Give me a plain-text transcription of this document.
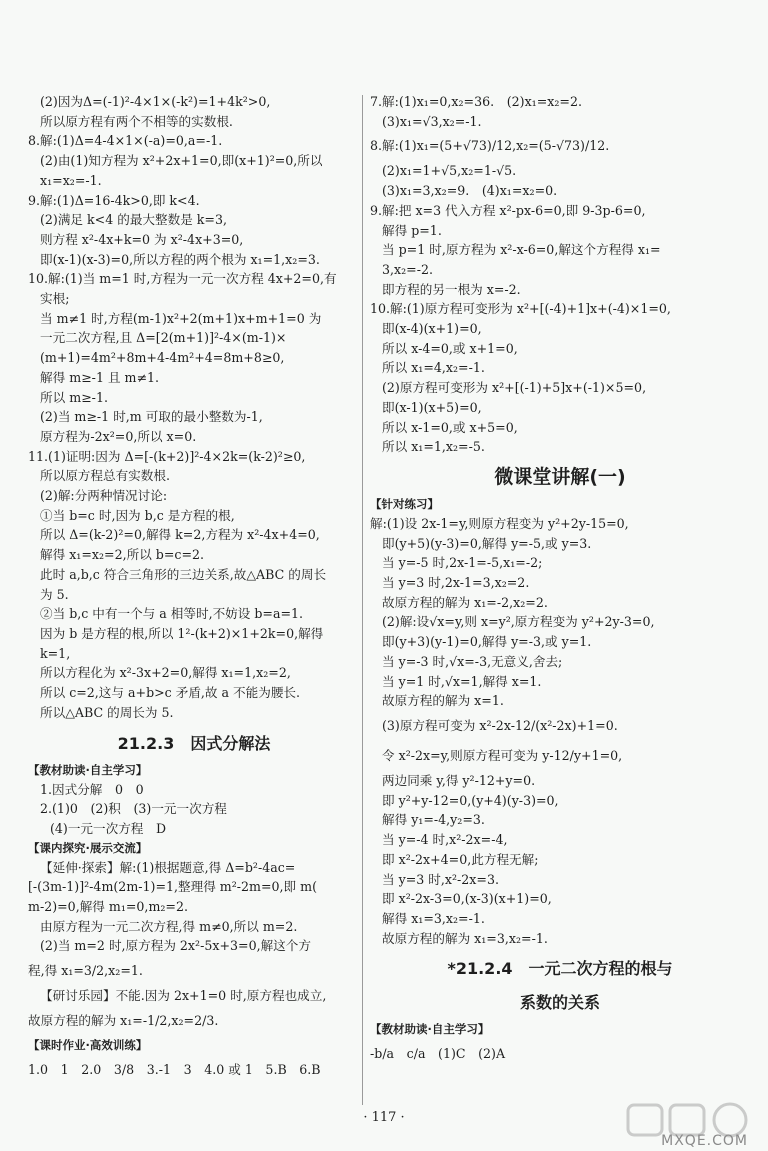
(2)因为Δ=(-1)²-4×1×(-k²)=1+4k²>0,
所以原方程有两个不相等的实数根.
8.解:(1)Δ=4-4×1×(-a)=0,a=-1.
(2)由(1)知方程为 x²+2x+1=0,即(x+1)²=0,所以
x₁=x₂=-1.
9.解:(1)Δ=16-4k>0,即 k<4.
(2)满足 k<4 的最大整数是 k=3,
则方程 x²-4x+k=0 为 x²-4x+3=0,
即(x-1)(x-3)=0,所以方程的两个根为 x₁=1,x₂=3.
10.解:(1)当 m=1 时,方程为一元一次方程 4x+2=0,有
实根;
当 m≠1 时,方程(m-1)x²+2(m+1)x+m+1=0 为
一元二次方程,且 Δ=[2(m+1)]²-4×(m-1)×
(m+1)=4m²+8m+4-4m²+4=8m+8≥0,
解得 m≥-1 且 m≠1.
所以 m≥-1.
(2)当 m≥-1 时,m 可取的最小整数为-1,
原方程为-2x²=0,所以 x=0.
11.(1)证明:因为 Δ=[-(k+2)]²-4×2k=(k-2)²≥0,
所以原方程总有实数根.
(2)解:分两种情况讨论:
①当 b=c 时,因为 b,c 是方程的根,
所以 Δ=(k-2)²=0,解得 k=2,方程为 x²-4x+4=0,
解得 x₁=x₂=2,所以 b=c=2.
此时 a,b,c 符合三角形的三边关系,故△ABC 的周长
为 5.
②当 b,c 中有一个与 a 相等时,不妨设 b=a=1.
因为 b 是方程的根,所以 1²-(k+2)×1+2k=0,解得
k=1,
所以方程化为 x²-3x+2=0,解得 x₁=1,x₂=2,
所以 c=2,这与 a+b>c 矛盾,故 a 不能为腰长.
所以△ABC 的周长为 5.
21.2.3　因式分解法
【教材助读·自主学习】
1.因式分解　0　0
2.(1)0　(2)积　(3)一元一次方程
(4)一元一次方程　D
【课内探究·展示交流】
【延伸·探索】解:(1)根据题意,得 Δ=b²-4ac=
[-(3m-1)]²-4m(2m-1)=1,整理得 m²-2m=0,即 m(
m-2)=0,解得 m₁=0,m₂=2.
由原方程为一元二次方程,得 m≠0,所以 m=2.
(2)当 m=2 时,原方程为 2x²-5x+3=0,解这个方
程,得 x₁=3/2,x₂=1.
【研讨乐园】不能.因为 2x+1=0 时,原方程也成立,
故原方程的解为 x₁=-1/2,x₂=2/3.
【课时作业·高效训练】
1.0　1　2.0　3/8　3.-1　3　4.0 或 1　5.B　6.B
7.解:(1)x₁=0,x₂=36.　(2)x₁=x₂=2.
(3)x₁=√3,x₂=-1.
8.解:(1)x₁=(5+√73)/12,x₂=(5-√73)/12.
(2)x₁=1+√5,x₂=1-√5.
(3)x₁=3,x₂=9.　(4)x₁=x₂=0.
9.解:把 x=3 代入方程 x²-px-6=0,即 9-3p-6=0,
解得 p=1.
当 p=1 时,原方程为 x²-x-6=0,解这个方程得 x₁=
3,x₂=-2.
即方程的另一根为 x=-2.
10.解:(1)原方程可变形为 x²+[(-4)+1]x+(-4)×1=0,
即(x-4)(x+1)=0,
所以 x-4=0,或 x+1=0,
所以 x₁=4,x₂=-1.
(2)原方程可变形为 x²+[(-1)+5]x+(-1)×5=0,
即(x-1)(x+5)=0,
所以 x-1=0,或 x+5=0,
所以 x₁=1,x₂=-5.
微课堂讲解(一)
【针对练习】
解:(1)设 2x-1=y,则原方程变为 y²+2y-15=0,
即(y+5)(y-3)=0,解得 y=-5,或 y=3.
当 y=-5 时,2x-1=-5,x₁=-2;
当 y=3 时,2x-1=3,x₂=2.
故原方程的解为 x₁=-2,x₂=2.
(2)解:设√x=y,则 x=y²,原方程变为 y²+2y-3=0,
即(y+3)(y-1)=0,解得 y=-3,或 y=1.
当 y=-3 时,√x=-3,无意义,舍去;
当 y=1 时,√x=1,解得 x=1.
故原方程的解为 x=1.
(3)原方程可变为 x²-2x-12/(x²-2x)+1=0.
令 x²-2x=y,则原方程可变为 y-12/y+1=0,
两边同乘 y,得 y²-12+y=0.
即 y²+y-12=0,(y+4)(y-3)=0,
解得 y₁=-4,y₂=3.
当 y=-4 时,x²-2x=-4,
即 x²-2x+4=0,此方程无解;
当 y=3 时,x²-2x=3.
即 x²-2x-3=0,(x-3)(x+1)=0,
解得 x₁=3,x₂=-1.
故原方程的解为 x₁=3,x₂=-1.
*21.2.4　一元二次方程的根与
系数的关系
【教材助读·自主学习】
-b/a　c/a　(1)C　(2)A
· 117 ·
MXQE.COM
